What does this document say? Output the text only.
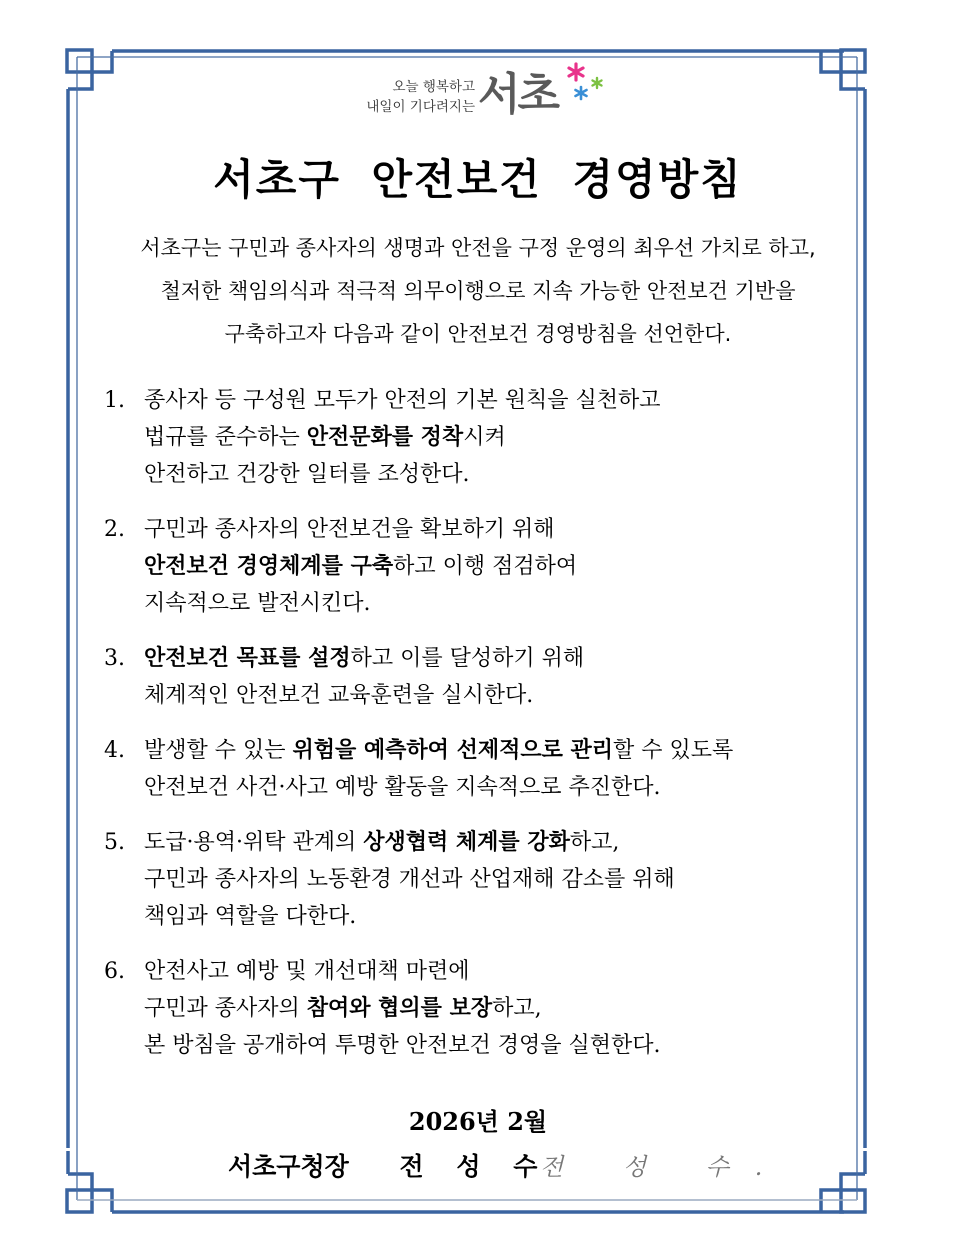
오늘 행복하고
내일이 기다려지는 서초
서초구 안전보건 경영방침
서초구는 구민과 종사자의 생명과 안전을 구정 운영의 최우선 가치로 하고,
철저한 책임의식과 적극적 의무이행으로 지속 가능한 안전보건 기반을
구축하고자 다음과 같이 안전보건 경영방침을 선언한다.
1. 종사자 등 구성원 모두가 안전의 기본 원칙을 실천하고
법규를 준수하는 안전문화를 정착시켜
안전하고 건강한 일터를 조성한다.
2. 구민과 종사자의 안전보건을 확보하기 위해
안전보건 경영체계를 구축하고 이행 점검하여
지속적으로 발전시킨다.
3. 안전보건 목표를 설정하고 이를 달성하기 위해
체계적인 안전보건 교육훈련을 실시한다.
4. 발생할 수 있는 위험을 예측하여 선제적으로 관리할 수 있도록
안전보건 사건·사고 예방 활동을 지속적으로 추진한다.
5. 도급·용역·위탁 관계의 상생협력 체계를 강화하고,
구민과 종사자의 노동환경 개선과 산업재해 감소를 위해
책임과 역할을 다한다.
6. 안전사고 예방 및 개선대책 마련에
구민과 종사자의 참여와 협의를 보장하고,
본 방침을 공개하여 투명한 안전보건 경영을 실현한다.
2026년 2월
서초구청장 전 성 수
전 성 수.
